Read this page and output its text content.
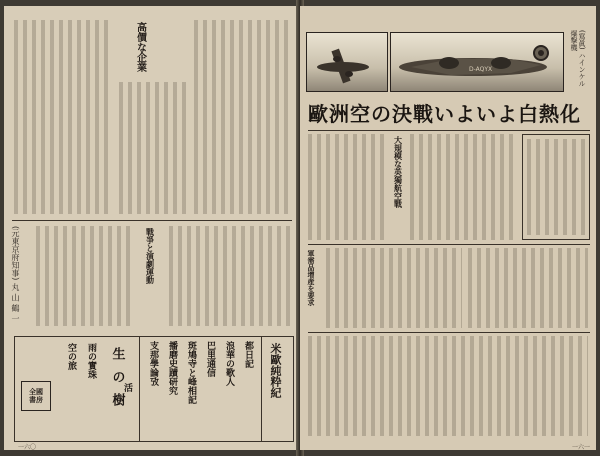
高價な企業
(元東京府知事) 丸 山 鶴 一	戰爭と演劇運動
米歐純粋紀
都日記
浪華の歌人
巴里通信
斑鳩寺と峰相記
播磨史蹟研究
支那學論攷
生の樹
活
雨の實珠
空の旅
全國書房
一六〇
D-AQYX	(寫眞) ハインケル爆撃機
歐洲空の決戰いよいよ白熱化
大規模な英獨航空戰
軍需品增産を要求
一六一
